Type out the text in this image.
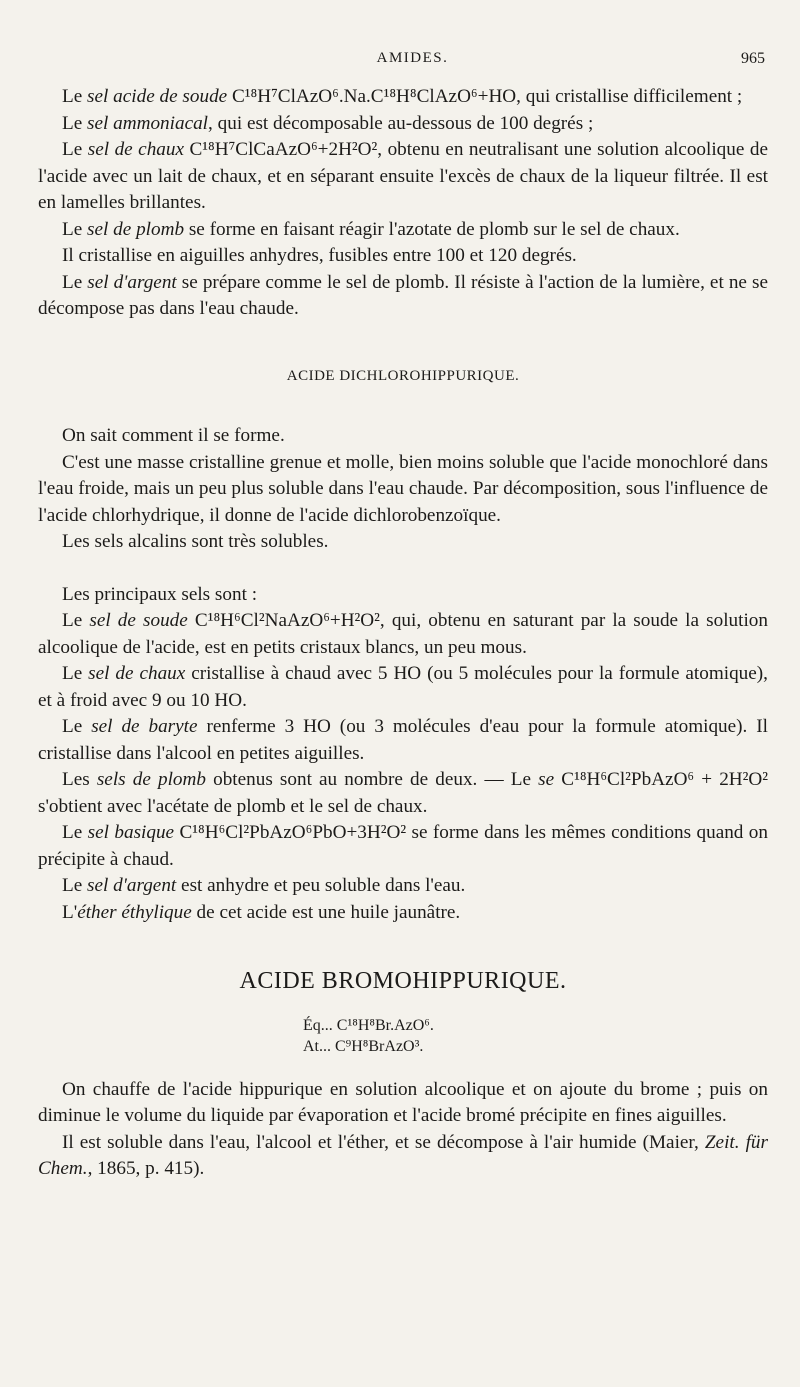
AMIDES.	965

Le sel acide de soude C¹⁸H⁷ClAzO⁶.Na.C¹⁸H⁸ClAzO⁶+HO, qui cristallise difficilement ;

Le sel ammoniacal, qui est décomposable au-dessous de 100 degrés ;

Le sel de chaux C¹⁸H⁷ClCaAzO⁶+2H²O², obtenu en neutralisant une solution alcoolique de l'acide avec un lait de chaux, et en séparant ensuite l'excès de chaux de la liqueur filtrée. Il est en lamelles brillantes.

Le sel de plomb se forme en faisant réagir l'azotate de plomb sur le sel de chaux.

Il cristallise en aiguilles anhydres, fusibles entre 100 et 120 degrés.

Le sel d'argent se prépare comme le sel de plomb. Il résiste à l'action de la lumière, et ne se décompose pas dans l'eau chaude.

ACIDE DICHLOROHIPPURIQUE.

On sait comment il se forme.

C'est une masse cristalline grenue et molle, bien moins soluble que l'acide monochloré dans l'eau froide, mais un peu plus soluble dans l'eau chaude. Par décomposition, sous l'influence de l'acide chlorhydrique, il donne de l'acide dichlorobenzoïque.

Les sels alcalins sont très solubles.

Les principaux sels sont :

Le sel de soude C¹⁸H⁶Cl²NaAzO⁶+H²O², qui, obtenu en saturant par la soude la solution alcoolique de l'acide, est en petits cristaux blancs, un peu mous.

Le sel de chaux cristallise à chaud avec 5 HO (ou 5 molécules pour la formule atomique), et à froid avec 9 ou 10 HO.

Le sel de baryte renferme 3 HO (ou 3 molécules d'eau pour la formule atomique). Il cristallise dans l'alcool en petites aiguilles.

Les sels de plomb obtenus sont au nombre de deux. — Le se C¹⁸H⁶Cl²PbAzO⁶ + 2H²O² s'obtient avec l'acétate de plomb et le sel de chaux.

Le sel basique C¹⁸H⁶Cl²PbAzO⁶PbO+3H²O² se forme dans les mêmes conditions quand on précipite à chaud.

Le sel d'argent est anhydre et peu soluble dans l'eau.

L'éther éthylique de cet acide est une huile jaunâtre.

ACIDE BROMOHIPPURIQUE.
Éq... C¹⁸H⁸Br.AzO⁶.
At... C⁹H⁸BrAzO³.

On chauffe de l'acide hippurique en solution alcoolique et on ajoute du brome ; puis on diminue le volume du liquide par évaporation et l'acide bromé précipite en fines aiguilles.

Il est soluble dans l'eau, l'alcool et l'éther, et se décompose à l'air humide (Maier, Zeit. für Chem., 1865, p. 415).
